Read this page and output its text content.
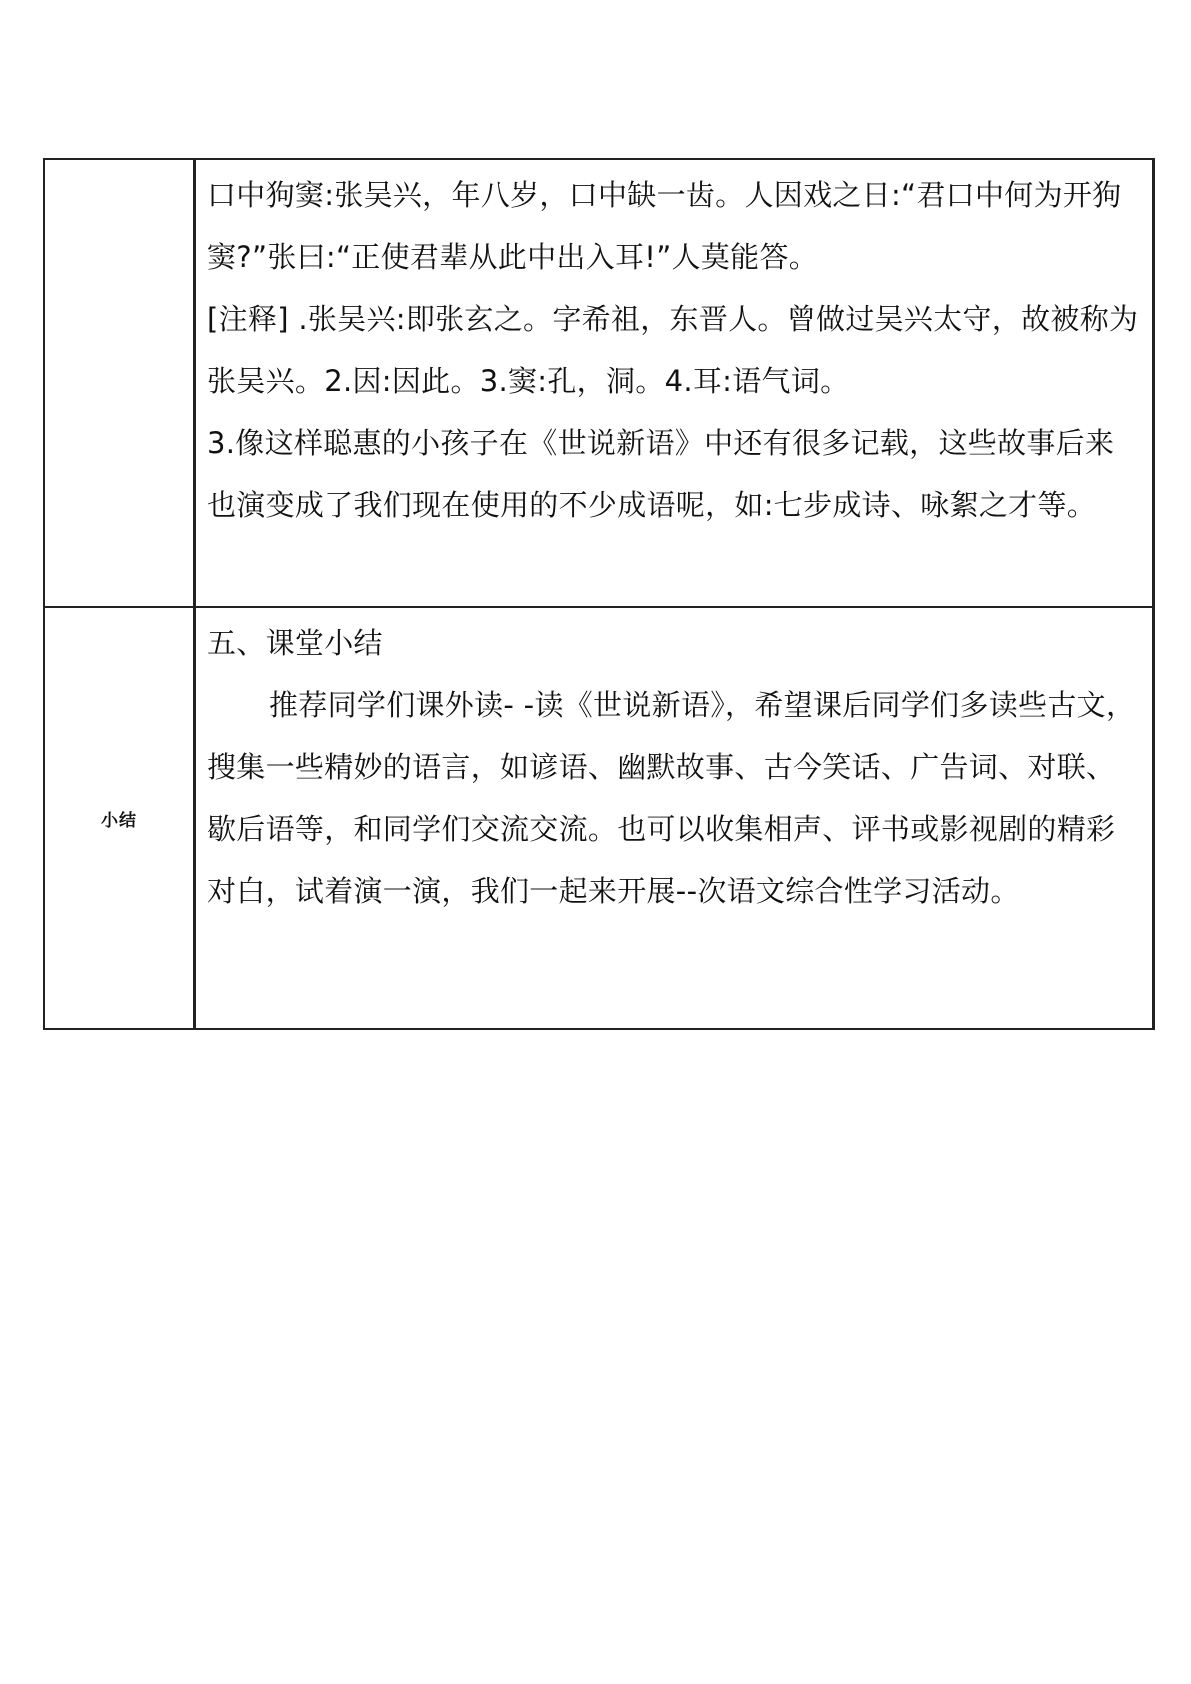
	口中狗窦:张吴兴，年八岁，口中缺一齿。人因戏之日:“君口中何为开狗窦?”张曰:“正使君辈从此中出入耳!”人莫能答。

[注释] .张吴兴:即张玄之。字希祖，东晋人。曾做过吴兴太守，故被称为张吴兴。2.因:因此。3.窦:孔，洞。4.耳:语气词。

3.像这样聪惠的小孩子在《世说新语》中还有很多记载，这些故事后来也演变成了我们现在使用的不少成语呢，如:七步成诗、咏絮之才等。

小结	五、课堂小结

推荐同学们课外读- -读《世说新语》，希望课后同学们多读些古文，搜集一些精妙的语言，如谚语、幽默故事、古今笑话、广告词、对联、歇后语等，和同学们交流交流。也可以收集相声、评书或影视剧的精彩对白，试着演一演，我们一起来开展--次语文综合性学习活动。
